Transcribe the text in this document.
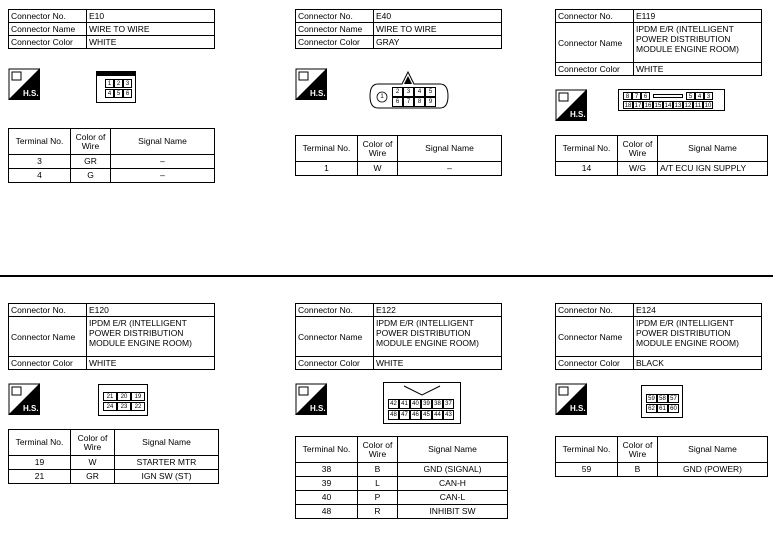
Connector No.	E10
Connector Name	WIRE TO WIRE
Connector Color	WHITE
H.S.
1 2 3
4 5 6
Terminal No.	Color of Wire	Signal Name
3	GR	–
4	G	–
Connector No.	E40
Connector Name	WIRE TO WIRE
Connector Color	GRAY
H.S.	1
2	3	4	5
6	7	8	9
Terminal No.	Color of Wire	Signal Name
1	W	–
Connector No.	E119
Connector Name	IPDM E/R (INTELLIGENT POWER DISTRIBUTION MODULE ENGINE ROOM)
Connector Color	WHITE
H.S.
8 7 6	5 4 3
18 17 16 15 14 13 12 11 10
Terminal No.	Color of Wire	Signal Name
14	W/G	A/T ECU IGN SUPPLY
Connector No.	E120
Connector Name	IPDM E/R (INTELLIGENT POWER DISTRIBUTION MODULE ENGINE ROOM)
Connector Color	WHITE
H.S.
21	20	19
24	23	22
Terminal No.	Color of Wire	Signal Name
19	W	STARTER MTR
21	GR	IGN SW (ST)
Connector No.	E122
Connector Name	IPDM E/R (INTELLIGENT POWER DISTRIBUTION MODULE ENGINE ROOM)
Connector Color	WHITE
H.S.	42 41 40 39 38 37
48 47 46 45 44 43
Terminal No.	Color of Wire	Signal Name
38	B	GND (SIGNAL)
39	L	CAN-H
40	P	CAN-L
48	R	INHIBIT SW
Connector No.	E124
Connector Name	IPDM E/R (INTELLIGENT POWER DISTRIBUTION MODULE ENGINE ROOM)
Connector Color	BLACK
H.S.
59 58 57
62 61 60
Terminal No.	Color of Wire	Signal Name
59	B	GND (POWER)
